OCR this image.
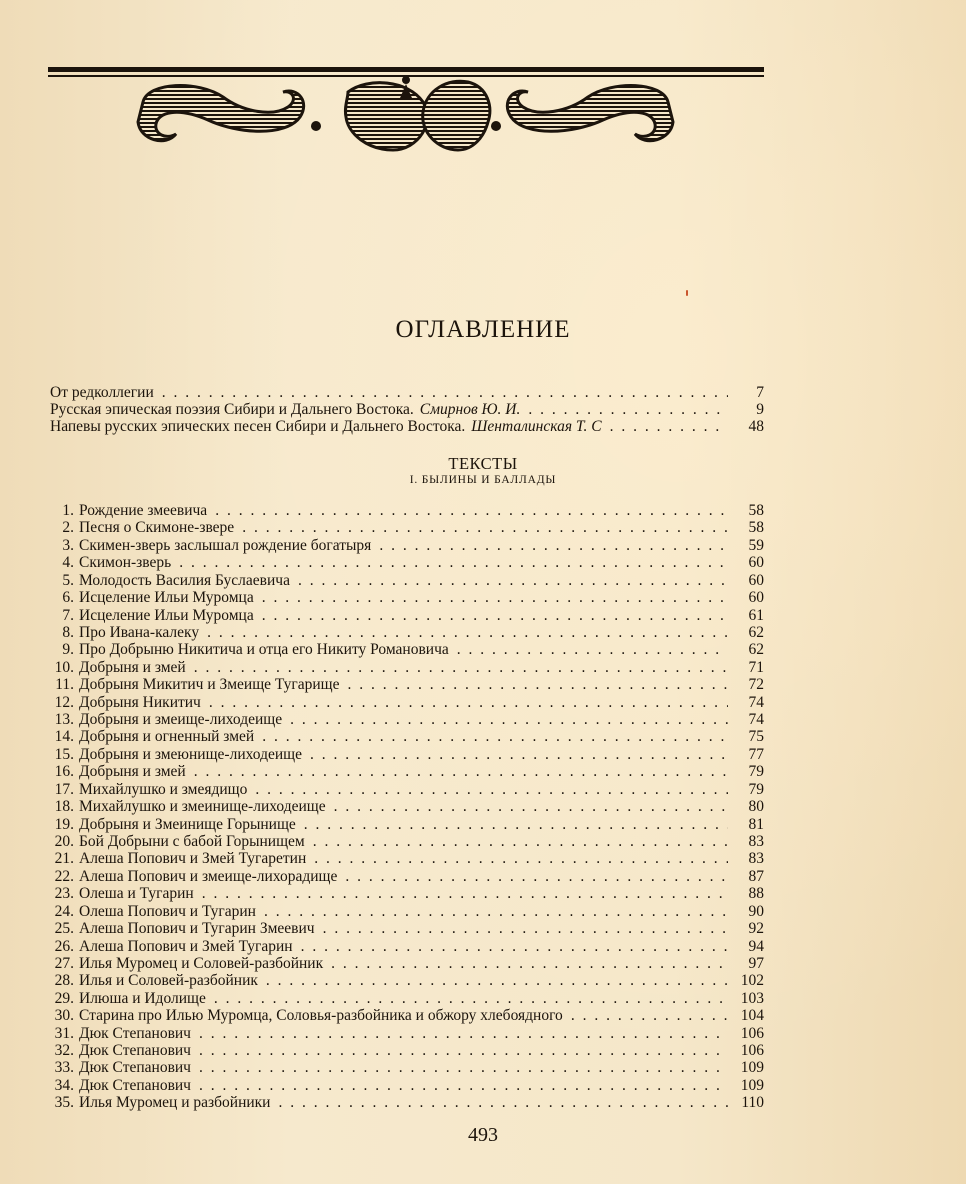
ОГЛАВЛЕНИЕ
От редколлегии . . .	7
Русская эпическая поэзия Сибири и Дальнего Востока. Смирнов Ю. И. . . .	9
Напевы русских эпических песен Сибири и Дальнего Востока. Шенталинская Т. С . . .	48
ТЕКСТЫ
I. БЫЛИНЫ И БАЛЛАДЫ
1. Рождение змеевича . . .	58
2. Песня о Скимоне-звере . . .	58
3. Скимен-зверь заслышал рождение богатыря . . .	59
4. Скимон-зверь . . .	60
5. Молодость Василия Буслаевича . . .	60
6. Исцеление Ильи Муромца . . .	60
7. Исцеление Ильи Муромца . . .	61
8. Про Ивана-калеку . . .	62
9. Про Добрыню Никитича и отца его Никиту Романовича . . .	62
10. Добрыня и змей . . .	71
11. Добрыня Микитич и Змеище Тугарище . . .	72
12. Добрыня Никитич . . .	74
13. Добрыня и змеище-лиходеище . . .	74
14. Добрыня и огненный змей . . .	75
15. Добрыня и змеюнище-лиходеище . . .	77
16. Добрыня и змей . . .	79
17. Михайлушко и змеядищо . . .	79
18. Михайлушко и змеинище-лиходеище . . .	80
19. Добрыня и Змеинище Горынище . . .	81
20. Бой Добрыни с бабой Горынищем . . .	83
21. Алеша Попович и Змей Тугаретин . . .	83
22. Алеша Попович и змеище-лихорадище . . .	87
23. Олеша и Тугарин . . .	88
24. Олеша Попович и Тугарин . . .	90
25. Алеша Попович и Тугарин Змеевич . . .	92
26. Алеша Попович и Змей Тугарин . . .	94
27. Илья Муромец и Соловей-разбойник . . .	97
28. Илья и Соловей-разбойник . . .	102
29. Илюша и Идолище . . .	103
30. Старина про Илью Муромца, Соловья-разбойника и обжору хлебоядного . . .	104
31. Дюк Степанович . . .	106
32. Дюк Степанович . . .	106
33. Дюк Степанович . . .	109
34. Дюк Степанович . . .	109
35. Илья Муромец и разбойники . . .	110
493
